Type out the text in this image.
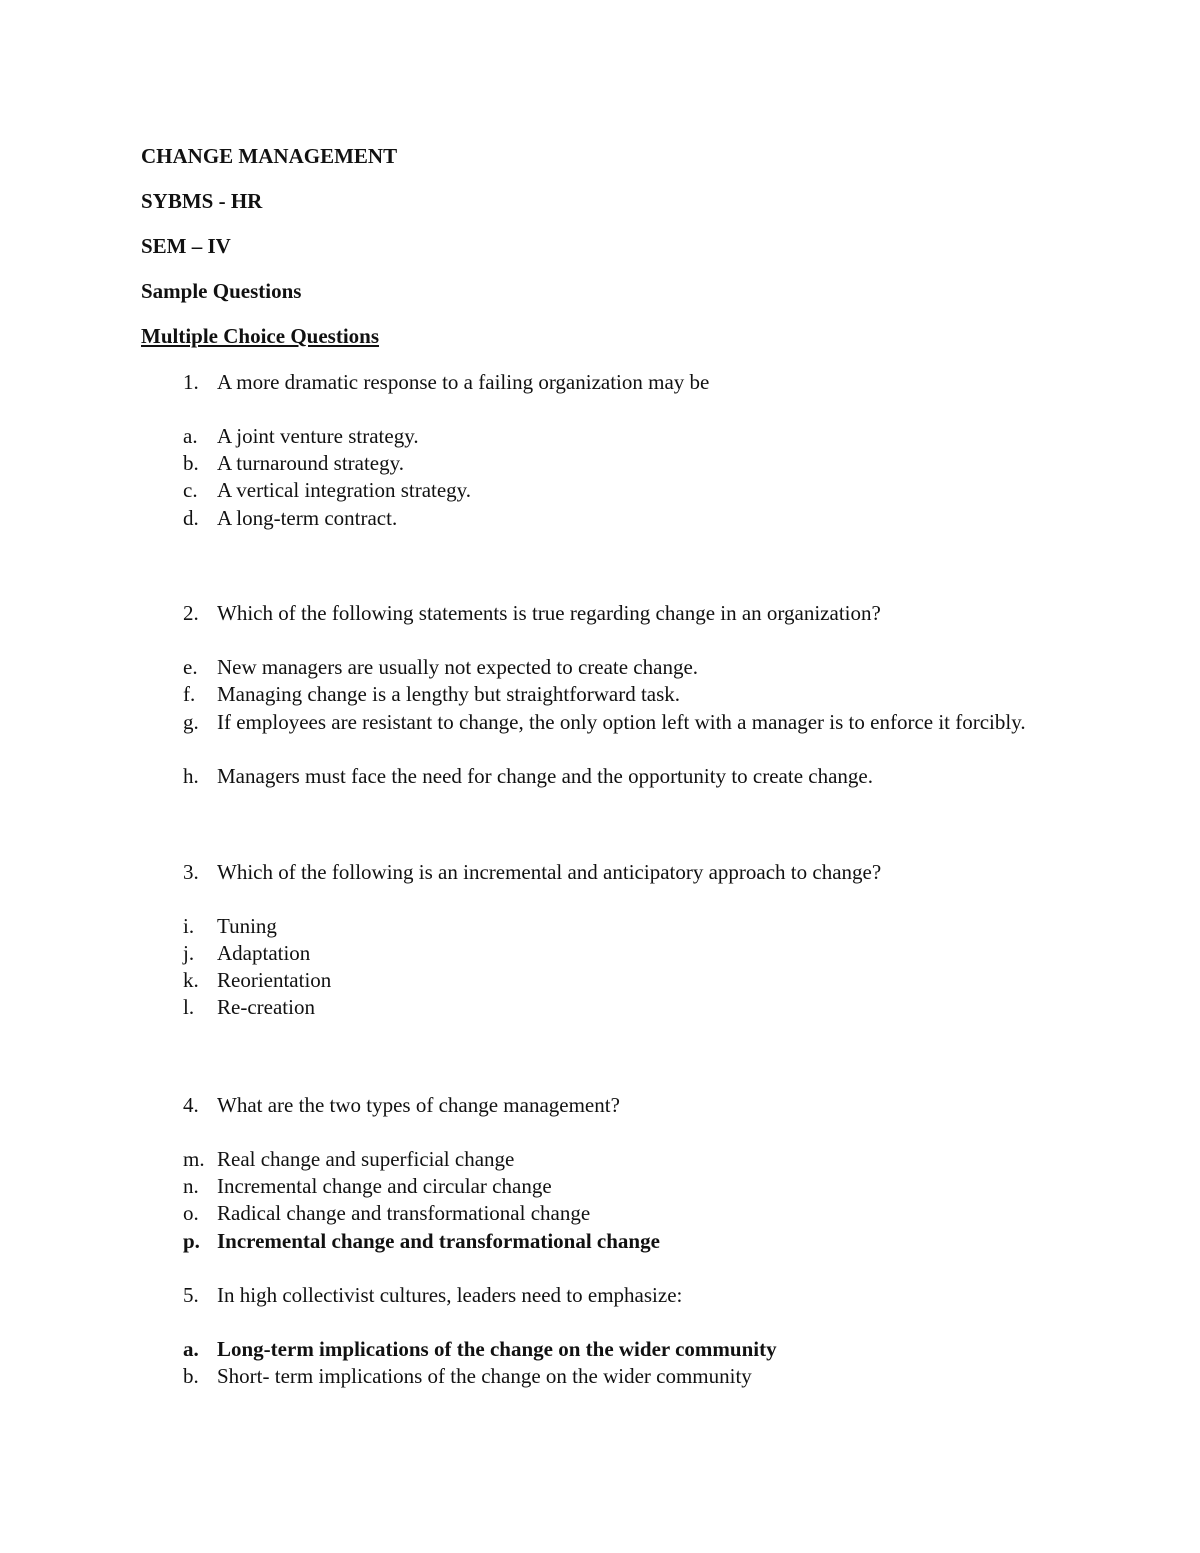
CHANGE MANAGEMENT
SYBMS - HR
SEM – IV
Sample Questions
Multiple Choice Questions
1. A more dramatic response to a failing organization may be
a. A joint venture strategy.
b. A turnaround strategy.
c. A vertical integration strategy.
d. A long-term contract.
2. Which of the following statements is true regarding change in an organization?
e. New managers are usually not expected to create change.
f. Managing change is a lengthy but straightforward task.
g. If employees are resistant to change, the only option left with a manager is to enforce it forcibly.
h. Managers must face the need for change and the opportunity to create change.
3. Which of the following is an incremental and anticipatory approach to change?
i. Tuning
j. Adaptation
k. Reorientation
l. Re-creation
4. What are the two types of change management?
m. Real change and superficial change
n. Incremental change and circular change
o. Radical change and transformational change
p. Incremental change and transformational change
5. In high collectivist cultures, leaders need to emphasize:
a. Long-term implications of the change on the wider community
b. Short- term implications of the change on the wider community
